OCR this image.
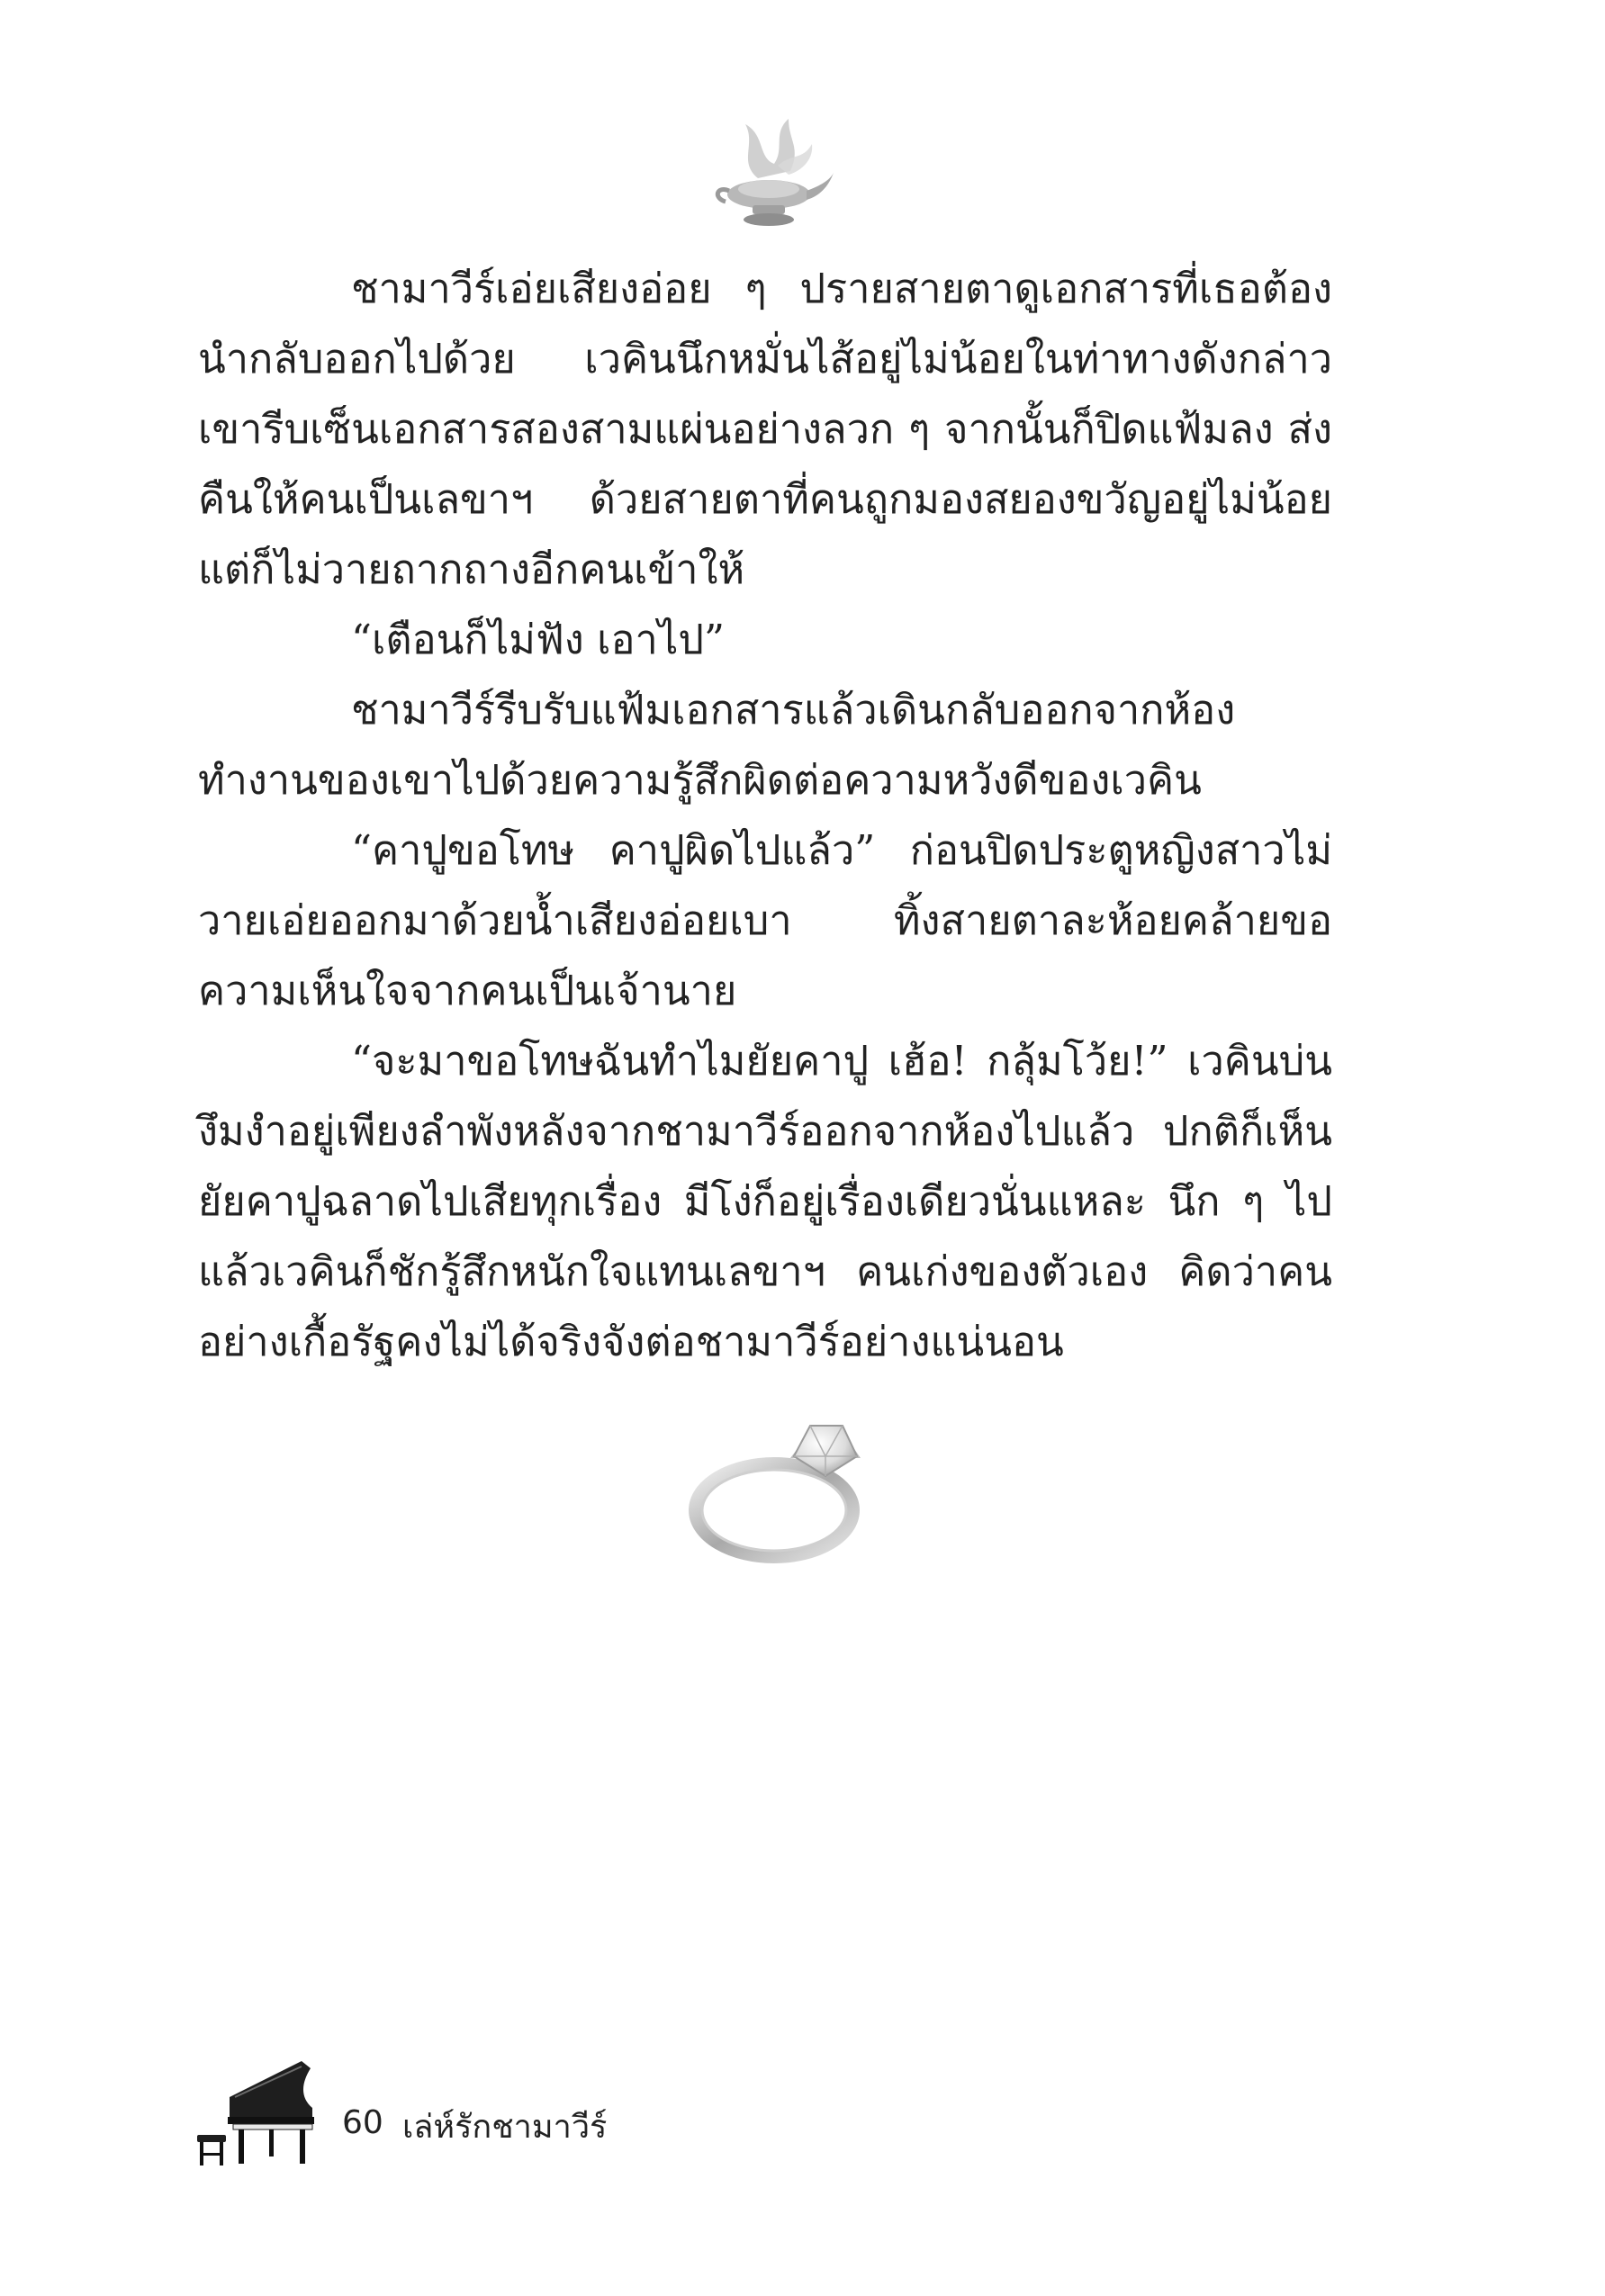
ชามาวีร์เอ่ยเสียงอ่อย ๆ ปรายสายตาดูเอกสารที่เธอต้องนำกลับออกไปด้วย เวคินนึกหมั่นไส้อยู่ไม่น้อยในท่าทางดังกล่าว เขารีบเซ็นเอกสารสองสามแผ่นอย่างลวก ๆ จากนั้นก็ปิดแฟ้มลง ส่งคืนให้คนเป็นเลขาฯ ด้วยสายตาที่คนถูกมองสยองขวัญอยู่ไม่น้อย แต่ก็ไม่วายถากถางอีกคนเข้าให้

“เตือนก็ไม่ฟัง เอาไป”

ชามาวีร์รีบรับแฟ้มเอกสารแล้วเดินกลับออกจากห้องทำงานของเขาไปด้วยความรู้สึกผิดต่อความหวังดีของเวคิน

“คาปูขอโทษ คาปูผิดไปแล้ว” ก่อนปิดประตูหญิงสาวไม่วายเอ่ยออกมาด้วยน้ำเสียงอ่อยเบา ทิ้งสายตาละห้อยคล้ายขอความเห็นใจจากคนเป็นเจ้านาย

“จะมาขอโทษฉันทำไมยัยคาปู เฮ้อ! กลุ้มโว้ย!” เวคินบ่นงึมงำอยู่เพียงลำพังหลังจากชามาวีร์ออกจากห้องไปแล้ว ปกติก็เห็นยัยคาปูฉลาดไปเสียทุกเรื่อง มีโง่ก็อยู่เรื่องเดียวนั่นแหละ นึก ๆ ไปแล้วเวคินก็ชักรู้สึกหนักใจแทนเลขาฯ คนเก่งของตัวเอง คิดว่าคนอย่างเกื้อรัฐคงไม่ได้จริงจังต่อชามาวีร์อย่างแน่นอน

60 เล่ห์รักชามาวีร์
